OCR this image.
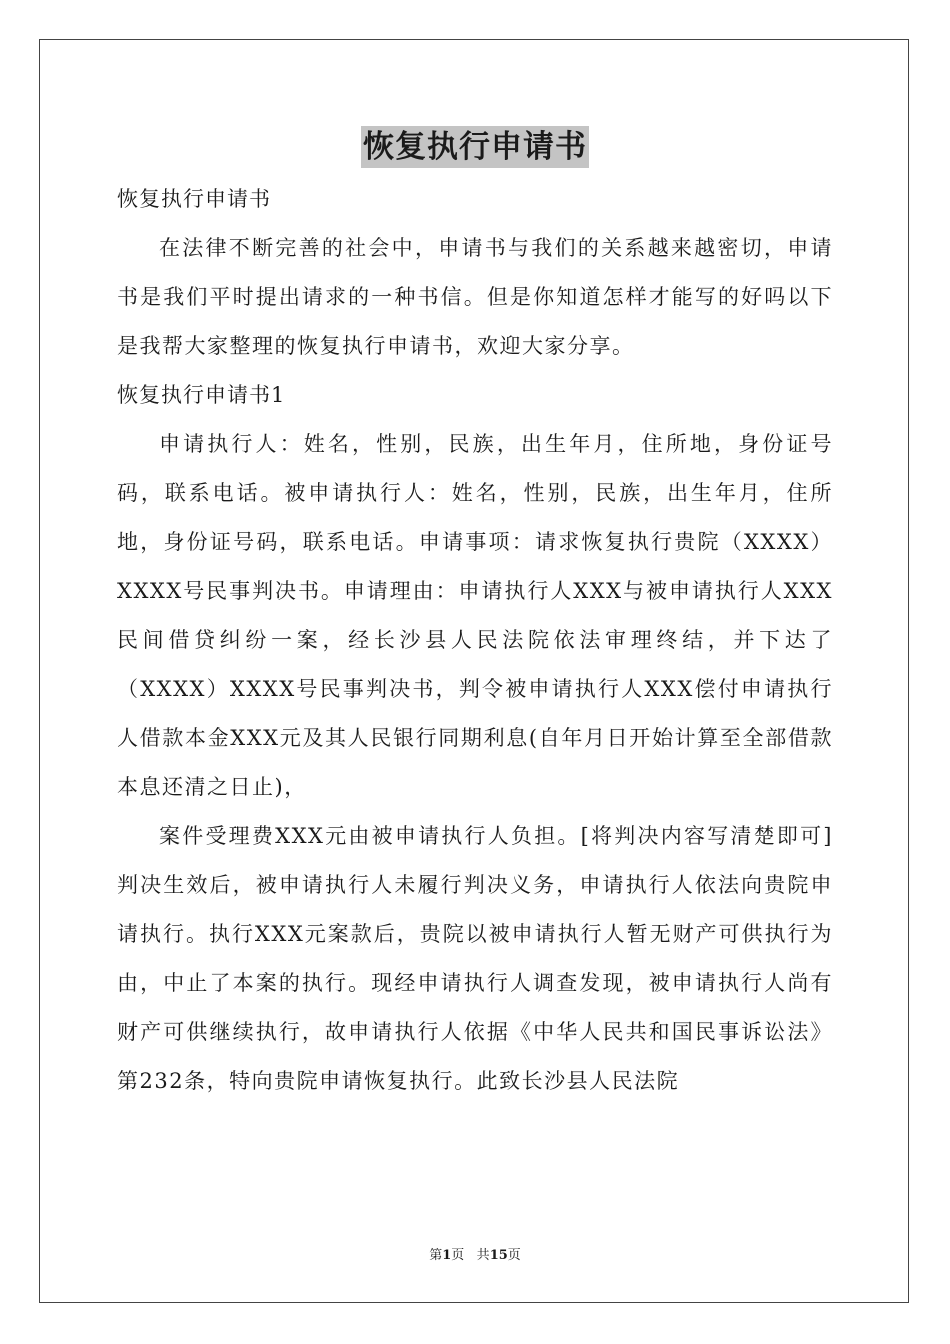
恢复执行申请书

恢复执行申请书

在法律不断完善的社会中，申请书与我们的关系越来越密切，申请书是我们平时提出请求的一种书信。但是你知道怎样才能写的好吗以下是我帮大家整理的恢复执行申请书，欢迎大家分享。

恢复执行申请书1

申请执行人：姓名，性别，民族，出生年月，住所地，身份证号码，联系电话。被申请执行人：姓名，性别，民族，出生年月，住所地，身份证号码，联系电话。申请事项：请求恢复执行贵院（XXXX）XXXX号民事判决书。申请理由：申请执行人XXX与被申请执行人XXX民间借贷纠纷一案，经长沙县人民法院依法审理终结，并下达了（XXXX）XXXX号民事判决书，判令被申请执行人XXX偿付申请执行人借款本金XXX元及其人民银行同期利息(自年月日开始计算至全部借款本息还清之日止)，

案件受理费XXX元由被申请执行人负担。[将判决内容写清楚即可]判决生效后，被申请执行人未履行判决义务，申请执行人依法向贵院申请执行。执行XXX元案款后，贵院以被申请执行人暂无财产可供执行为由，中止了本案的执行。现经申请执行人调查发现，被申请执行人尚有财产可供继续执行，故申请执行人依据《中华人民共和国民事诉讼法》第232条，特向贵院申请恢复执行。此致长沙县人民法院

第1页 共15页
